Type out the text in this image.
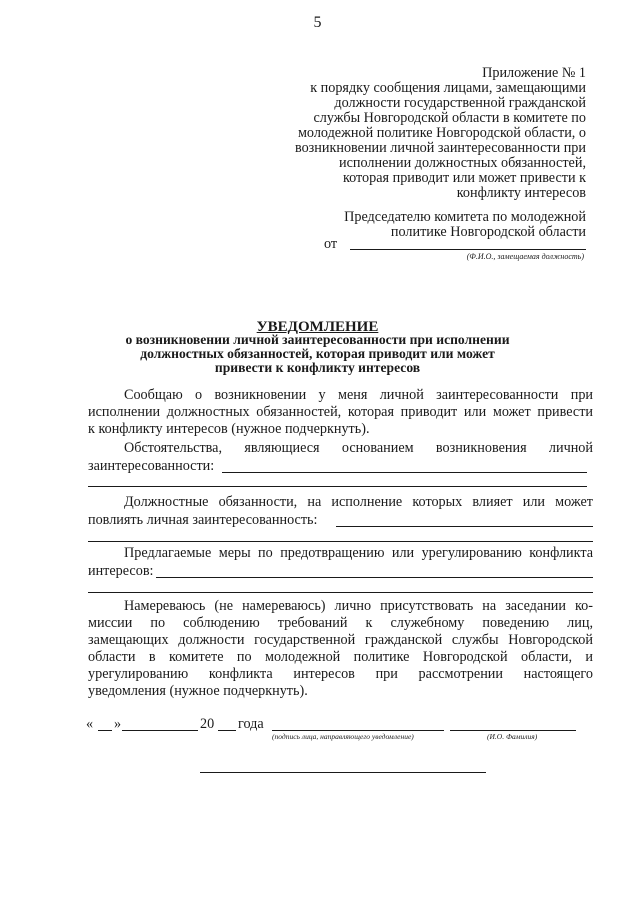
5
Приложение № 1
к порядку сообщения лицами, замещающими
должности государственной гражданской
службы Новгородской области в комитете по
молодежной политике Новгородской области, о
возникновении личной заинтересованности при
исполнении должностных обязанностей,
которая приводит или может привести к
конфликту интересов
Председателю комитета по молодежной
политике Новгородской области
от
(Ф.И.О., замещаемая должность)
УВЕДОМЛЕНИЕ
о возникновении личной заинтересованности при исполнении
должностных обязанностей, которая приводит или может
привести к конфликту интересов
Сообщаю о возникновении у меня личной заинтересованности при
исполнении должностных обязанностей, которая приводит или может привести
к конфликту интересов (нужное подчеркнуть).
Обстоятельства, являющиеся основанием возникновения личной
заинтересованности:
Должностные обязанности, на исполнение которых влияет или может
повлиять личная заинтересованность:
Предлагаемые меры по предотвращению или урегулированию конфликта
интересов:
Намереваюсь (не намереваюсь) лично присутствовать на заседании ко-
миссии по соблюдению требований к служебному поведению лиц,
замещающих должности государственной гражданской службы Новгородской
области в комитете по молодежной политике Новгородской области, и
урегулированию конфликта интересов при рассмотрении настоящего
уведомления (нужное подчеркнуть).
« »	20 года
(подпись лица, направляющего уведомление)	(И.О. Фамилия)
